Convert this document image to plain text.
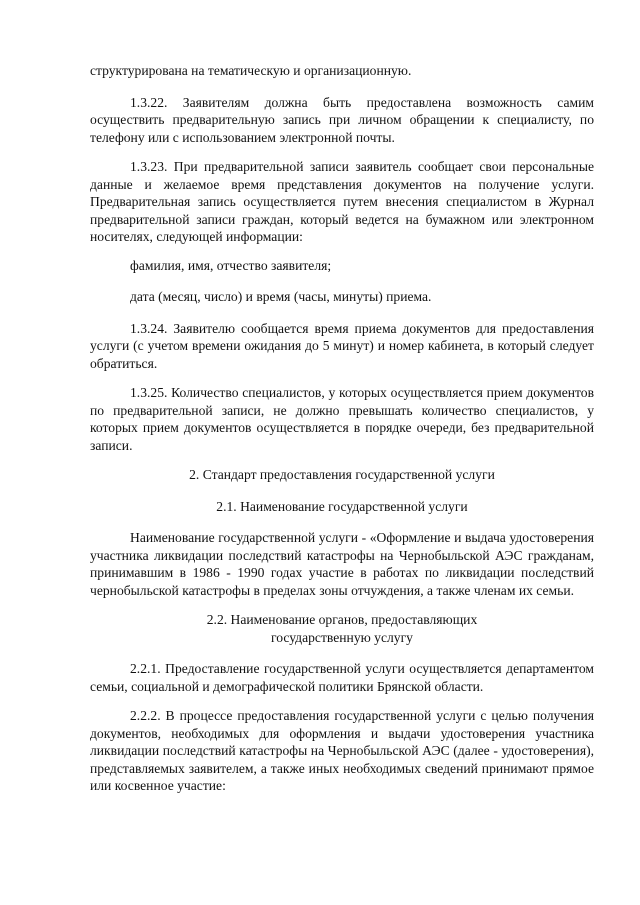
структурирована на тематическую и организационную.

1.3.22. Заявителям должна быть предоставлена возможность самим осуществить предварительную запись при личном обращении к специалисту, по телефону или с использованием электронной почты.

1.3.23. При предварительной записи заявитель сообщает свои персональные данные и желаемое время представления документов на получение услуги. Предварительная запись осуществляется путем внесения специалистом в Журнал предварительной записи граждан, который ведется на бумажном или электронном носителях, следующей информации:

фамилия, имя, отчество заявителя;
дата (месяц, число) и время (часы, минуты) приема.

1.3.24. Заявителю сообщается время приема документов для предоставления услуги (с учетом времени ожидания до 5 минут) и номер кабинета, в который следует обратиться.

1.3.25. Количество специалистов, у которых осуществляется прием документов по предварительной записи, не должно превышать количество специалистов, у которых прием документов осуществляется в порядке очереди, без предварительной записи.

2. Стандарт предоставления государственной услуги
2.1. Наименование государственной услуги

Наименование государственной услуги - «Оформление и выдача удостоверения участника ликвидации последствий катастрофы на Чернобыльской АЭС гражданам, принимавшим в 1986 - 1990 годах участие в работах по ликвидации последствий чернобыльской катастрофы в пределах зоны отчуждения, а также членам их семьи.

2.2. Наименование органов, предоставляющих
государственную услугу

2.2.1. Предоставление государственной услуги осуществляется департаментом семьи, социальной и демографической политики Брянской области.

2.2.2. В процессе предоставления государственной услуги с целью получения документов, необходимых для оформления и выдачи удостоверения участника ликвидации последствий катастрофы на Чернобыльской АЭС (далее - удостоверения), представляемых заявителем, а также иных необходимых сведений принимают прямое или косвенное участие:
